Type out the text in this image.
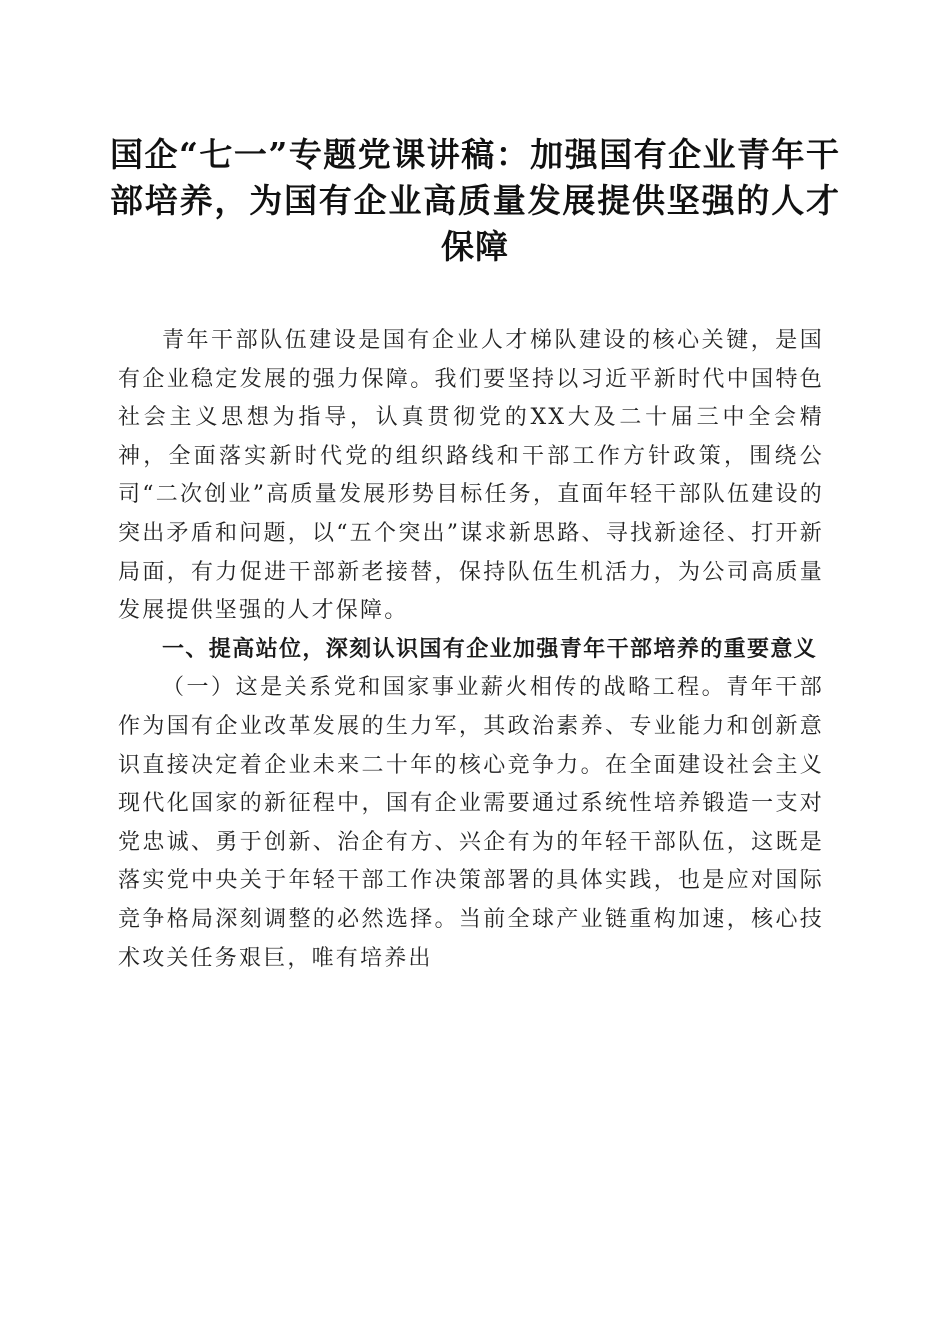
国企“七一”专题党课讲稿：加强国有企业青年干部培养，为国有企业高质量发展提供坚强的人才保障

青年干部队伍建设是国有企业人才梯队建设的核心关键，是国有企业稳定发展的强力保障。我们要坚持以习近平新时代中国特色社会主义思想为指导，认真贯彻党的XX大及二十届三中全会精神，全面落实新时代党的组织路线和干部工作方针政策，围绕公司“二次创业”高质量发展形势目标任务，直面年轻干部队伍建设的突出矛盾和问题，以“五个突出”谋求新思路、寻找新途径、打开新局面，有力促进干部新老接替，保持队伍生机活力，为公司高质量发展提供坚强的人才保障。

一、提高站位，深刻认识国有企业加强青年干部培养的重要意义

（一）这是关系党和国家事业薪火相传的战略工程。青年干部作为国有企业改革发展的生力军，其政治素养、专业能力和创新意识直接决定着企业未来二十年的核心竞争力。在全面建设社会主义现代化国家的新征程中，国有企业需要通过系统性培养锻造一支对党忠诚、勇于创新、治企有方、兴企有为的年轻干部队伍，这既是落实党中央关于年轻干部工作决策部署的具体实践，也是应对国际竞争格局深刻调整的必然选择。当前全球产业链重构加速，核心技术攻关任务艰巨，唯有培养出
